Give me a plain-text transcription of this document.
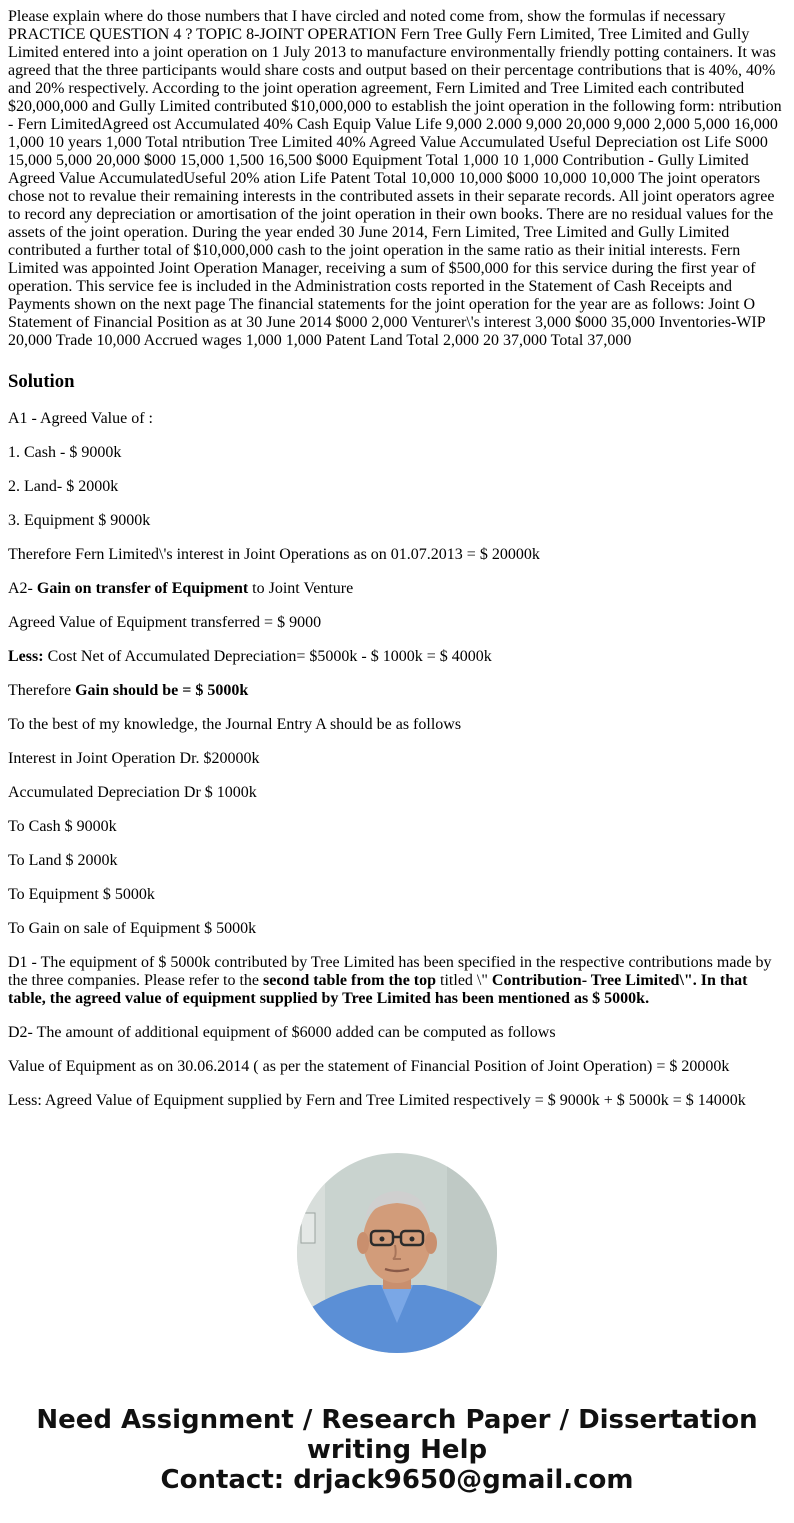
Please explain where do those numbers that I have circled and noted come from, show the formulas if necessary PRACTICE QUESTION 4 ? TOPIC 8-JOINT OPERATION Fern Tree Gully Fern Limited, Tree Limited and Gully Limited entered into a joint operation on 1 July 2013 to manufacture environmentally friendly potting containers. It was agreed that the three participants would share costs and output based on their percentage contributions that is 40%, 40% and 20% respectively. According to the joint operation agreement, Fern Limited and Tree Limited each contributed $20,000,000 and Gully Limited contributed $10,000,000 to establish the joint operation in the following form: ntribution - Fern LimitedAgreed ost Accumulated 40% Cash Equip Value Life 9,000 2.000 9,000 20,000 9,000 2,000 5,000 16,000 1,000 10 years 1,000 Total ntribution Tree Limited 40% Agreed Value Accumulated Useful Depreciation ost Life S000 15,000 5,000 20,000 $000 15,000 1,500 16,500 $000 Equipment Total 1,000 10 1,000 Contribution - Gully Limited Agreed Value AccumulatedUseful 20% ation Life Patent Total 10,000 10,000 $000 10,000 10,000 The joint operators chose not to revalue their remaining interests in the contributed assets in their separate records. All joint operators agree to record any depreciation or amortisation of the joint operation in their own books. There are no residual values for the assets of the joint operation. During the year ended 30 June 2014, Fern Limited, Tree Limited and Gully Limited contributed a further total of $10,000,000 cash to the joint operation in the same ratio as their initial interests. Fern Limited was appointed Joint Operation Manager, receiving a sum of $500,000 for this service during the first year of operation. This service fee is included in the Administration costs reported in the Statement of Cash Receipts and Payments shown on the next page The financial statements for the joint operation for the year are as follows: Joint O Statement of Financial Position as at 30 June 2014 $000 2,000 Venturer\'s interest 3,000 $000 35,000 Inventories-WIP 20,000 Trade 10,000 Accrued wages 1,000 1,000 Patent Land Total 2,000 20 37,000 Total 37,000
Solution

A1 - Agreed Value of :

1. Cash - $ 9000k

2. Land- $ 2000k

3. Equipment $ 9000k

Therefore Fern Limited\'s interest in Joint Operations as on 01.07.2013 = $ 20000k

A2- Gain on transfer of Equipment to Joint Venture

Agreed Value of Equipment transferred = $ 9000

Less: Cost Net of Accumulated Depreciation= $5000k - $ 1000k = $ 4000k

Therefore Gain should be = $ 5000k

To the best of my knowledge, the Journal Entry A should be as follows

Interest in Joint Operation Dr. $20000k

Accumulated Depreciation Dr $ 1000k

To Cash $ 9000k

To Land $ 2000k

To Equipment $ 5000k

To Gain on sale of Equipment $ 5000k

D1 - The equipment of $ 5000k contributed by Tree Limited has been specified in the respective contributions made by the three companies. Please refer to the second table from the top titled \" Contribution- Tree Limited\". In that table, the agreed value of equipment supplied by Tree Limited has been mentioned as $ 5000k.

D2- The amount of additional equipment of $6000 added can be computed as follows

Value of Equipment as on 30.06.2014 ( as per the statement of Financial Position of Joint Operation) = $ 20000k

Less: Agreed Value of Equipment supplied by Fern and Tree Limited respectively = $ 9000k + $ 5000k = $ 14000k

Need Assignment / Research Paper / Dissertation
writing Help
Contact: drjack9650@gmail.com
